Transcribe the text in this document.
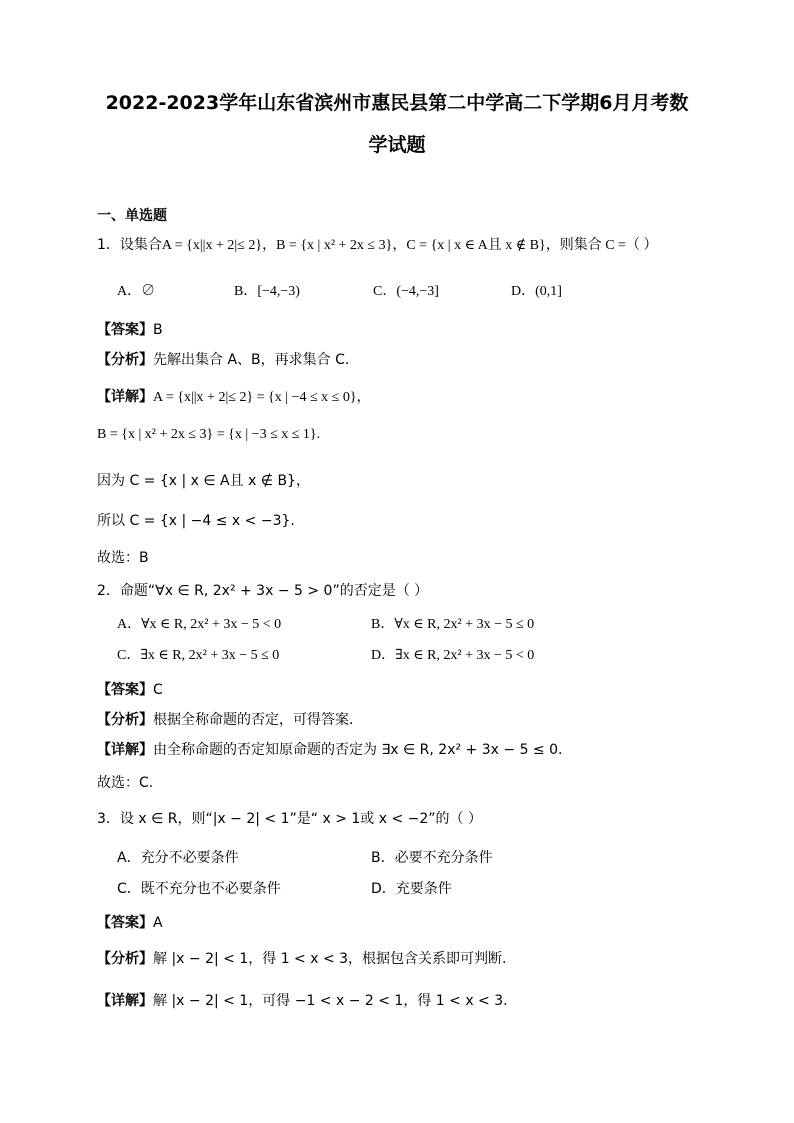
2022-2023学年山东省滨州市惠民县第二中学高二下学期6月月考数
学试题
一、单选题
1．设集合A = {x||x + 2|≤ 2}，B = {x | x² + 2x ≤ 3}，C = {x | x ∈ A且 x ∉ B}，则集合 C =（ ）
A．∅	B．[−4,−3)	C．(−4,−3]	D．(0,1]
【答案】B
【分析】先解出集合 A、B，再求集合 C.
【详解】A = {x||x + 2|≤ 2} = {x | −4 ≤ x ≤ 0}，
B = {x | x² + 2x ≤ 3} = {x | −3 ≤ x ≤ 1}.
因为 C = {x | x ∈ A且 x ∉ B}，
所以 C = {x | −4 ≤ x < −3}.
故选：B
2．命题“∀x ∈ R, 2x² + 3x − 5 > 0”的否定是（ ）
A．∀x ∈ R, 2x² + 3x − 5 < 0	B．∀x ∈ R, 2x² + 3x − 5 ≤ 0
C．∃x ∈ R, 2x² + 3x − 5 ≤ 0	D．∃x ∈ R, 2x² + 3x − 5 < 0
【答案】C
【分析】根据全称命题的否定，可得答案.
【详解】由全称命题的否定知原命题的否定为 ∃x ∈ R, 2x² + 3x − 5 ≤ 0.
故选：C.
3．设 x ∈ R，则“|x − 2| < 1”是“ x > 1或 x < −2”的（ ）
A．充分不必要条件	B．必要不充分条件
C．既不充分也不必要条件	D．充要条件
【答案】A
【分析】解 |x − 2| < 1，得 1 < x < 3，根据包含关系即可判断.
【详解】解 |x − 2| < 1，可得 −1 < x − 2 < 1，得 1 < x < 3.
